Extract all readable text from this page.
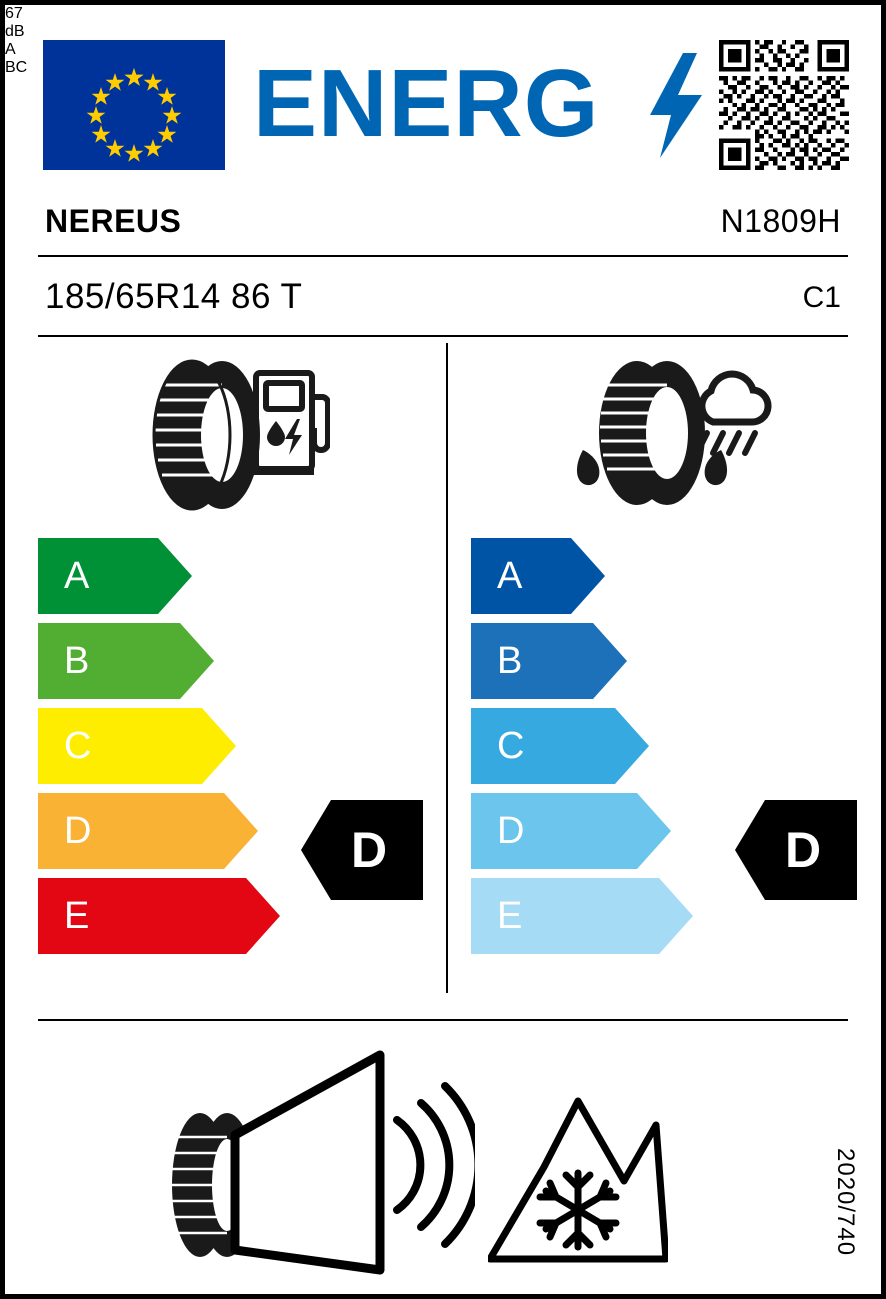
ENERG
NEREUS	N1809H
185/65R14 86 T	C1
A
B
C
D
E
A
B
C
D
E
D	D
67
dB
A
BC
2020/740
